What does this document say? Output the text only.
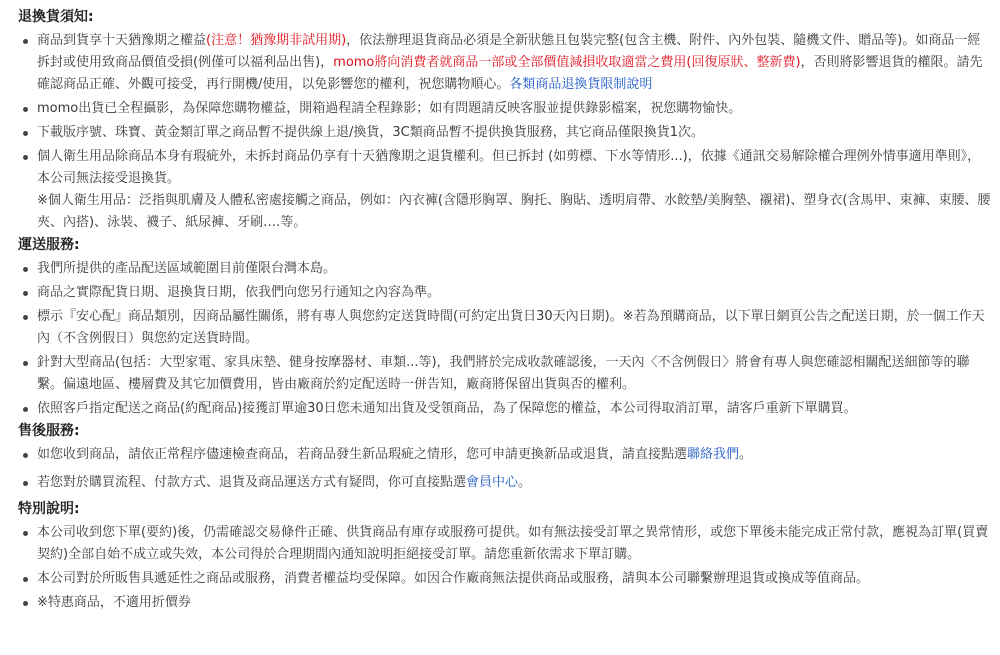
退換貨須知:
商品到貨享十天猶豫期之權益(注意！猶豫期非試用期)，依法辦理退貨商品必須是全新狀態且包裝完整(包含主機、附件、內外包裝、隨機文件、贈品等)。如商品一經拆封或使用致商品價值受損(例僅可以福利品出售)，momo將向消費者就商品一部或全部價值減損收取適當之費用(回復原狀、整新費)，否則將影響退貨的權限。請先確認商品正確、外觀可接受，再行開機/使用，以免影響您的權利，祝您購物順心。各類商品退換貨限制說明
momo出貨已全程攝影，為保障您購物權益，開箱過程請全程錄影；如有問題請反映客服並提供錄影檔案，祝您購物愉快。
下載版序號、珠寶、黃金類訂單之商品暫不提供線上退/換貨，3C類商品暫不提供換貨服務，其它商品僅限換貨1次。
個人衛生用品除商品本身有瑕疵外，未拆封商品仍享有十天猶豫期之退貨權利。但已拆封 (如剪標、下水等情形...)，依據《通訊交易解除權合理例外情事適用準則》，本公司無法接受退換貨。
※個人衛生用品：泛指與肌膚及人體私密處接觸之商品，例如：內衣褲(含隱形胸罩、胸托、胸貼、透明肩帶、水餃墊/美胸墊、襯裙)、塑身衣(含馬甲、束褲、束腰、腰夾、內搭)、泳裝、襪子、紙尿褲、牙刷….等。
運送服務:
我們所提供的產品配送區域範圍目前僅限台灣本島。
商品之實際配貨日期、退換貨日期，依我們向您另行通知之內容為準。
標示『安心配』商品類別，因商品屬性關係，將有專人與您約定送貨時間(可約定出貨日30天內日期)。※若為預購商品，以下單日網頁公告之配送日期，於一個工作天內（不含例假日）與您約定送貨時間。
針對大型商品(包括：大型家電、家具床墊、健身按摩器材、車類...等)，我們將於完成收款確認後，一天內〈不含例假日〉將會有專人與您確認相關配送細節等的聯繫。偏遠地區、樓層費及其它加價費用，皆由廠商於約定配送時一併告知，廠商將保留出貨與否的權利。
依照客戶指定配送之商品(約配商品)接獲訂單逾30日您未通知出貨及受領商品，為了保障您的權益，本公司得取消訂單，請客戶重新下單購買。
售後服務:
如您收到商品，請依正常程序儘速檢查商品，若商品發生新品瑕疵之情形，您可申請更換新品或退貨，請直接點選聯絡我們。
若您對於購買流程、付款方式、退貨及商品運送方式有疑問，你可直接點選會員中心。
特別說明:
本公司收到您下單(要約)後，仍需確認交易條件正確、供貨商品有庫存或服務可提供。如有無法接受訂單之異常情形，或您下單後未能完成正常付款，應視為訂單(買賣契約)全部自始不成立或失效，本公司得於合理期間內通知說明拒絕接受訂單。請您重新依需求下單訂購。
本公司對於所販售具遞延性之商品或服務，消費者權益均受保障。如因合作廠商無法提供商品或服務，請與本公司聯繫辦理退貨或換成等值商品。
※特惠商品，不適用折價券
